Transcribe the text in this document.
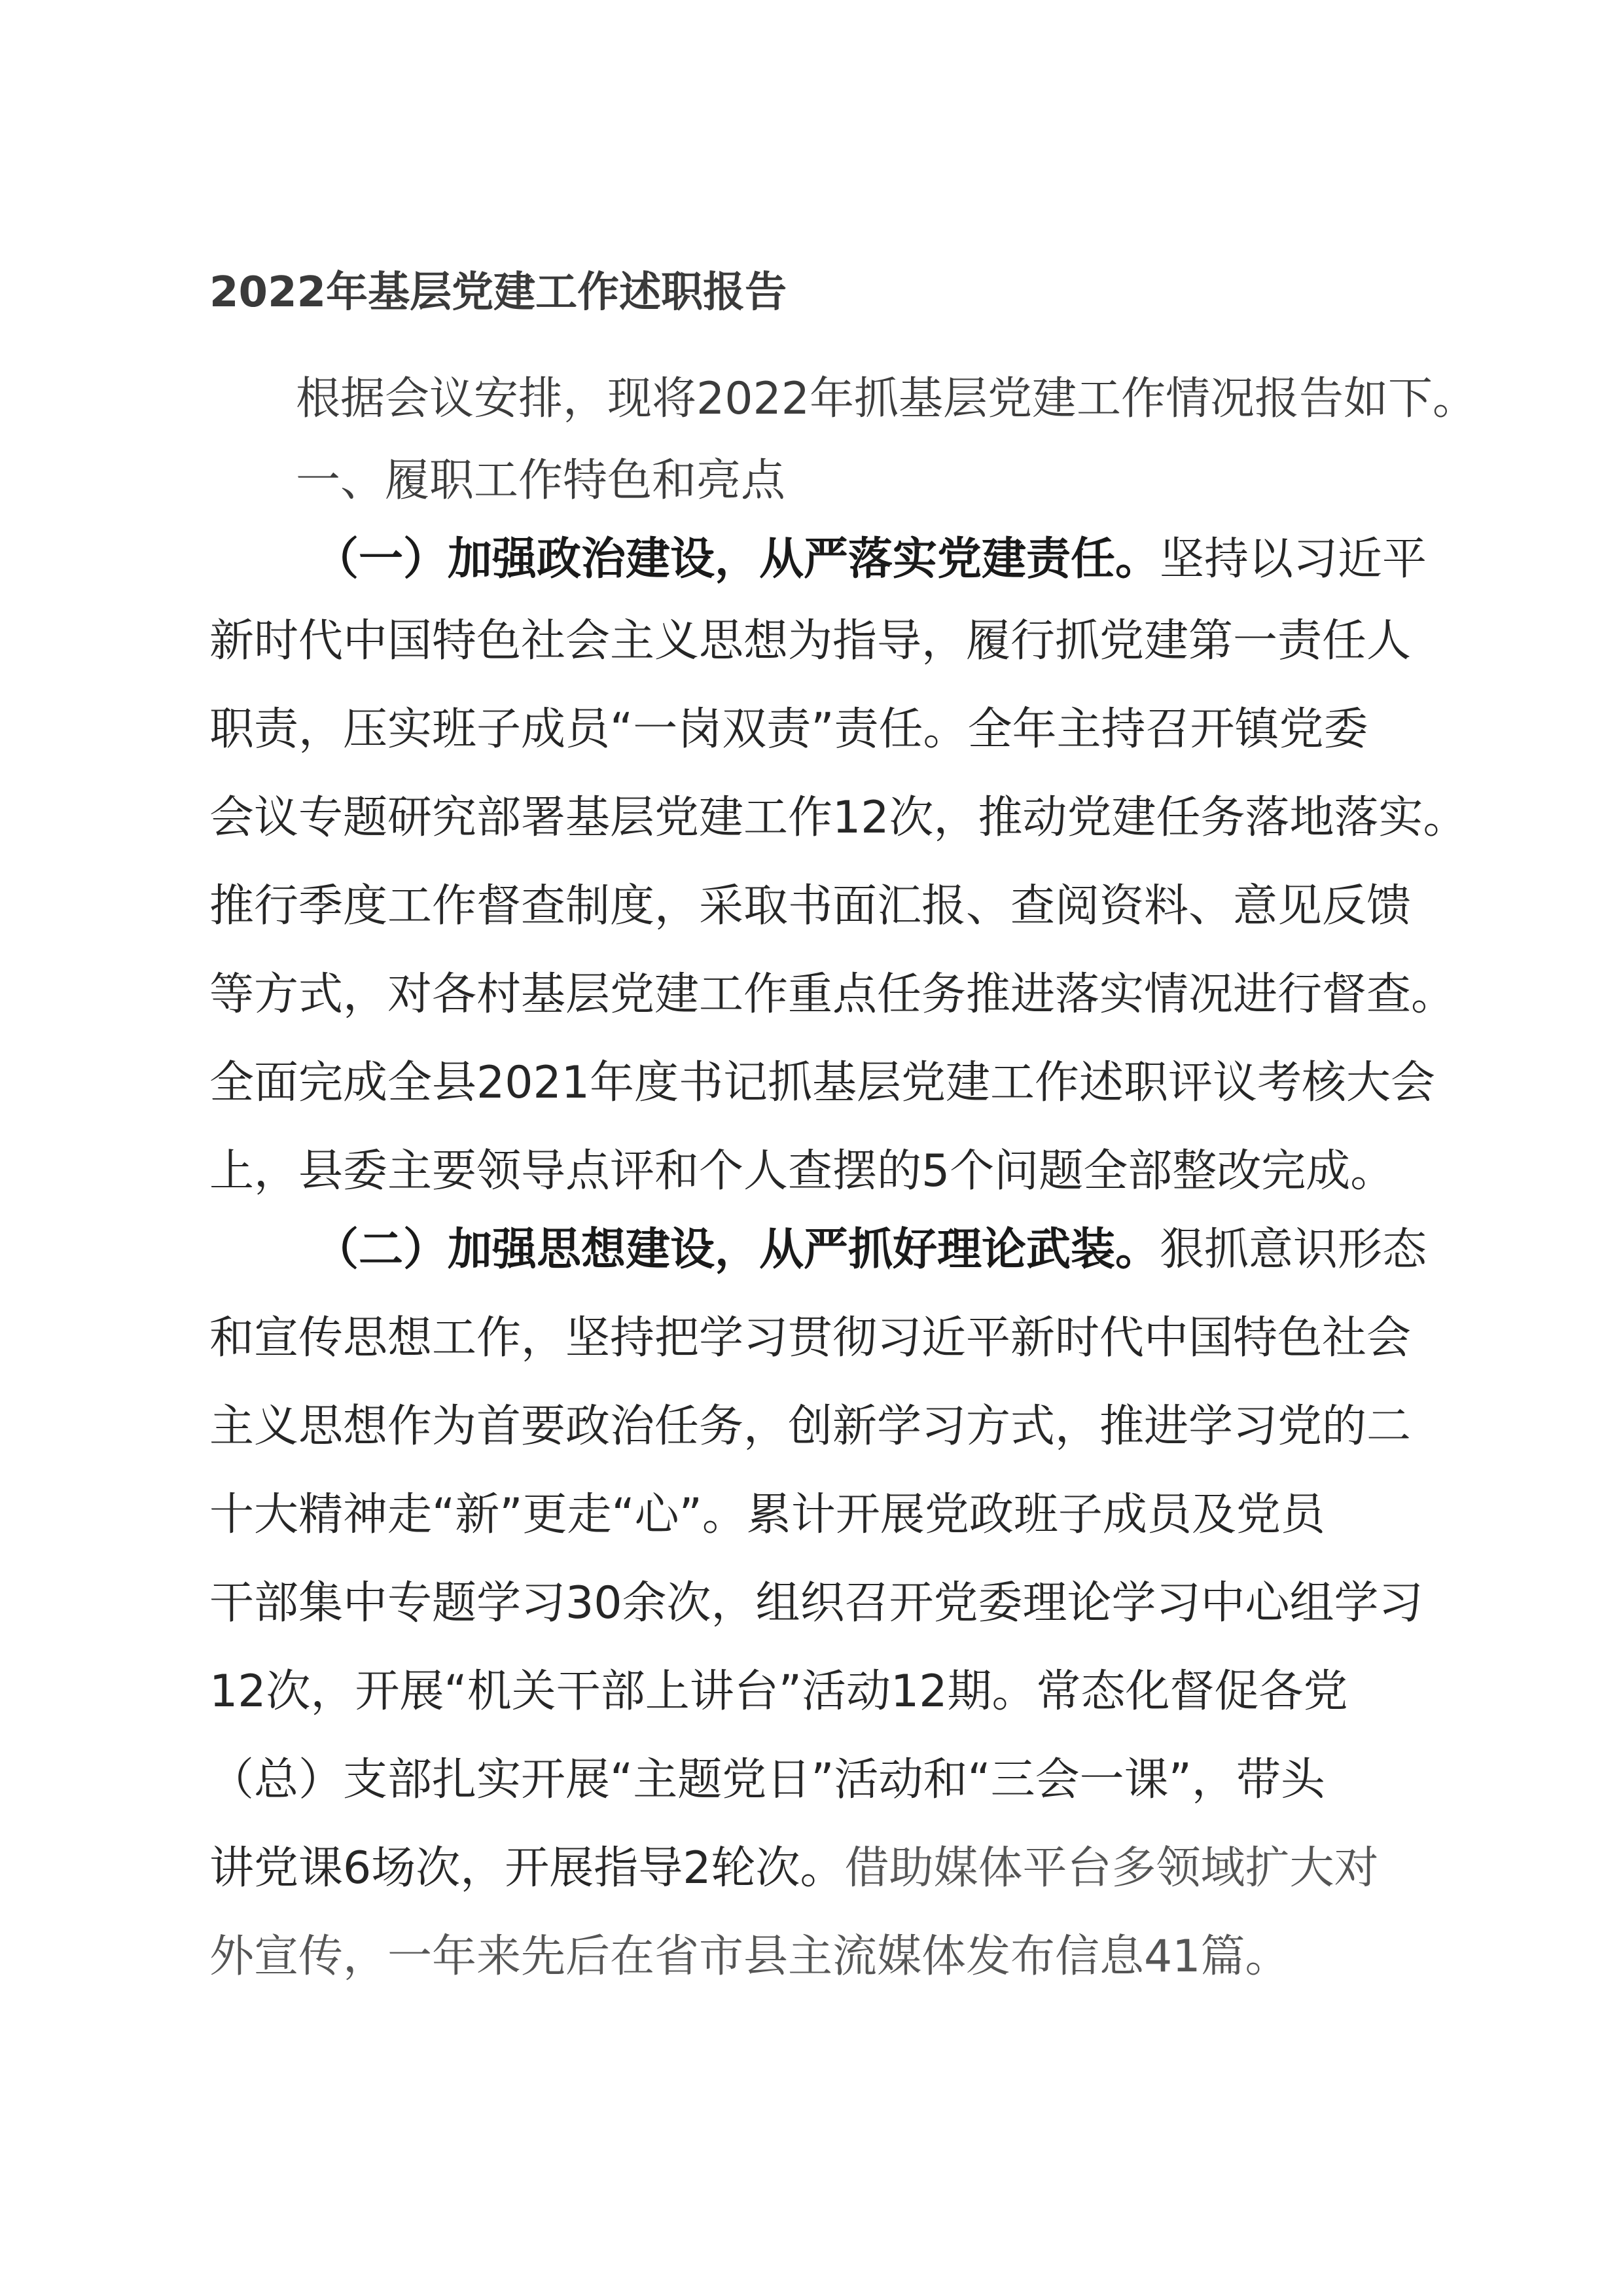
2022年基层党建工作述职报告
根据会议安排，现将2022年抓基层党建工作情况报告如下。
一、履职工作特色和亮点
（一）加强政治建设，从严落实党建责任。坚持以习近平
新时代中国特色社会主义思想为指导，履行抓党建第一责任人
职责，压实班子成员“一岗双责”责任。全年主持召开镇党委
会议专题研究部署基层党建工作12次，推动党建任务落地落实。
推行季度工作督查制度，采取书面汇报、查阅资料、意见反馈
等方式，对各村基层党建工作重点任务推进落实情况进行督查。
全面完成全县2021年度书记抓基层党建工作述职评议考核大会
上，县委主要领导点评和个人查摆的5个问题全部整改完成。
（二）加强思想建设，从严抓好理论武装。狠抓意识形态
和宣传思想工作，坚持把学习贯彻习近平新时代中国特色社会
主义思想作为首要政治任务，创新学习方式，推进学习党的二
十大精神走“新”更走“心”。累计开展党政班子成员及党员
干部集中专题学习30余次，组织召开党委理论学习中心组学习
12次，开展“机关干部上讲台”活动12期。常态化督促各党
（总）支部扎实开展“主题党日”活动和“三会一课”，带头
讲党课6场次，开展指导2轮次。借助媒体平台多领域扩大对
外宣传，一年来先后在省市县主流媒体发布信息41篇。
